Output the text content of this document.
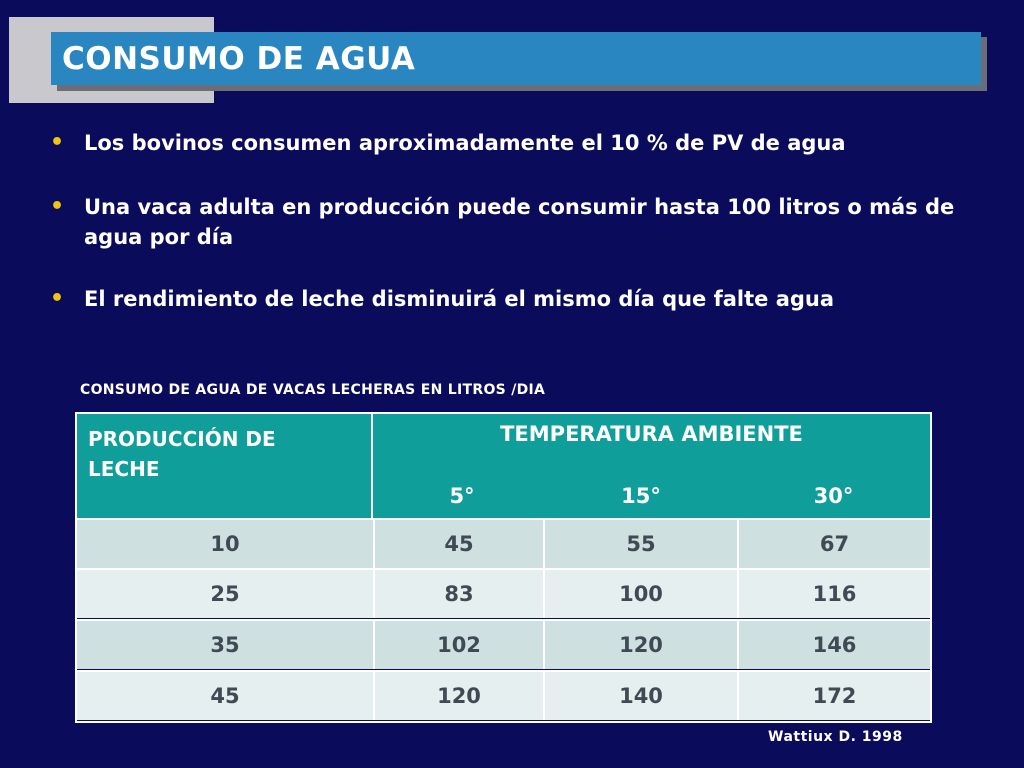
CONSUMO DE AGUA
• Los bovinos consumen aproximadamente el 10 % de PV de agua
• Una vaca adulta en producción puede consumir hasta 100 litros o más de agua por día
• El rendimiento de leche disminuirá el mismo día que falte agua
CONSUMO DE AGUA DE VACAS LECHERAS EN LITROS /DIA
PRODUCCIÓN DE LECHE
TEMPERATURA AMBIENTE
5°	15°	30°
10	45	55	67
25	83	100	116
35	102	120	146
45	120	140	172
Wattiux D. 1998
